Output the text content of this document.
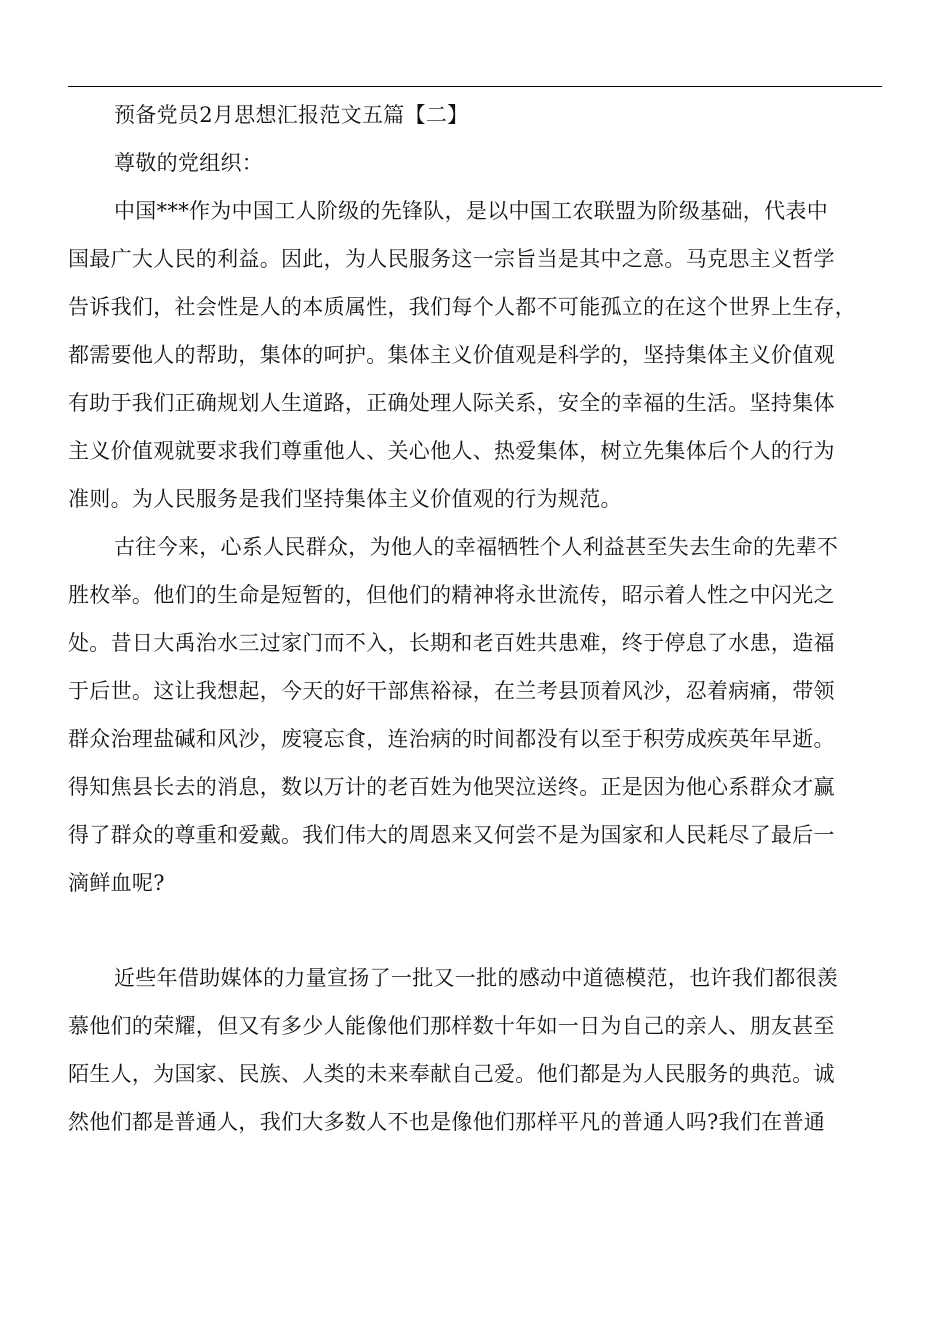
预备党员2月思想汇报范文五篇【二】

尊敬的党组织：

中国***作为中国工人阶级的先锋队，是以中国工农联盟为阶级基础，代表中

国最广大人民的利益。因此，为人民服务这一宗旨当是其中之意。马克思主义哲学

告诉我们，社会性是人的本质属性，我们每个人都不可能孤立的在这个世界上生存，

都需要他人的帮助，集体的呵护。集体主义价值观是科学的，坚持集体主义价值观

有助于我们正确规划人生道路，正确处理人际关系，安全的幸福的生活。坚持集体

主义价值观就要求我们尊重他人、关心他人、热爱集体，树立先集体后个人的行为

准则。为人民服务是我们坚持集体主义价值观的行为规范。

古往今来，心系人民群众，为他人的幸福牺牲个人利益甚至失去生命的先辈不

胜枚举。他们的生命是短暂的，但他们的精神将永世流传，昭示着人性之中闪光之

处。昔日大禹治水三过家门而不入，长期和老百姓共患难，终于停息了水患，造福

于后世。这让我想起，今天的好干部焦裕禄，在兰考县顶着风沙，忍着病痛，带领

群众治理盐碱和风沙，废寝忘食，连治病的时间都没有以至于积劳成疾英年早逝。

得知焦县长去的消息，数以万计的老百姓为他哭泣送终。正是因为他心系群众才赢

得了群众的尊重和爱戴。我们伟大的周恩来又何尝不是为国家和人民耗尽了最后一

滴鲜血呢?

近些年借助媒体的力量宣扬了一批又一批的感动中道德模范，也许我们都很羡

慕他们的荣耀，但又有多少人能像他们那样数十年如一日为自己的亲人、朋友甚至

陌生人，为国家、民族、人类的未来奉献自己爱。他们都是为人民服务的典范。诚

然他们都是普通人，我们大多数人不也是像他们那样平凡的普通人吗?我们在普通
